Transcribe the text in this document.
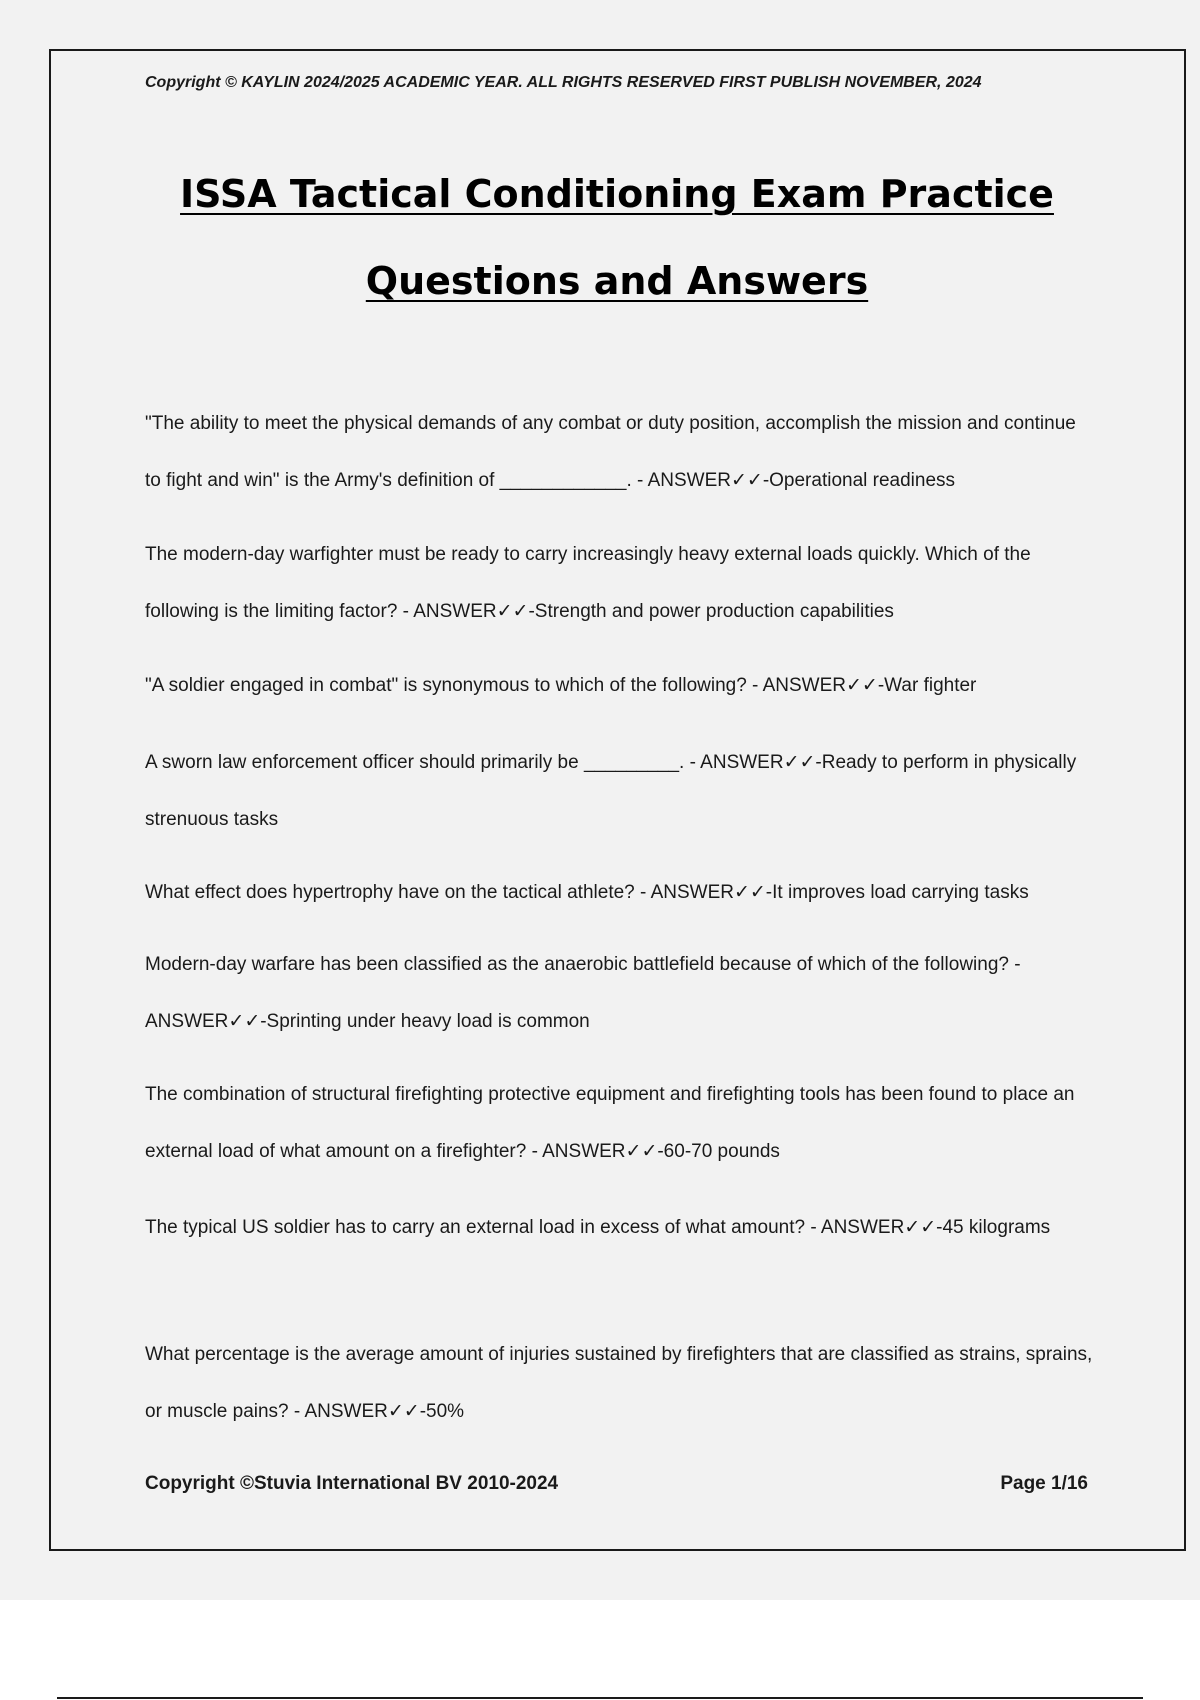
Copyright © KAYLIN 2024/2025 ACADEMIC YEAR. ALL RIGHTS RESERVED FIRST PUBLISH NOVEMBER, 2024
ISSA Tactical Conditioning Exam Practice
Questions and Answers
"The ability to meet the physical demands of any combat or duty position, accomplish the mission and continue to fight and win" is the Army's definition of ____________. - ANSWER✓✓-Operational readiness
The modern-day warfighter must be ready to carry increasingly heavy external loads quickly. Which of the following is the limiting factor? - ANSWER✓✓-Strength and power production capabilities
"A soldier engaged in combat" is synonymous to which of the following? - ANSWER✓✓-War fighter
A sworn law enforcement officer should primarily be _________. - ANSWER✓✓-Ready to perform in physically strenuous tasks
What effect does hypertrophy have on the tactical athlete? - ANSWER✓✓-It improves load carrying tasks
Modern-day warfare has been classified as the anaerobic battlefield because of which of the following? - ANSWER✓✓-Sprinting under heavy load is common
The combination of structural firefighting protective equipment and firefighting tools has been found to place an external load of what amount on a firefighter? - ANSWER✓✓-60-70 pounds
The typical US soldier has to carry an external load in excess of what amount? - ANSWER✓✓-45 kilograms
What percentage is the average amount of injuries sustained by firefighters that are classified as strains, sprains, or muscle pains? - ANSWER✓✓-50%
Copyright ©Stuvia International BV 2010-2024	Page 1/16
